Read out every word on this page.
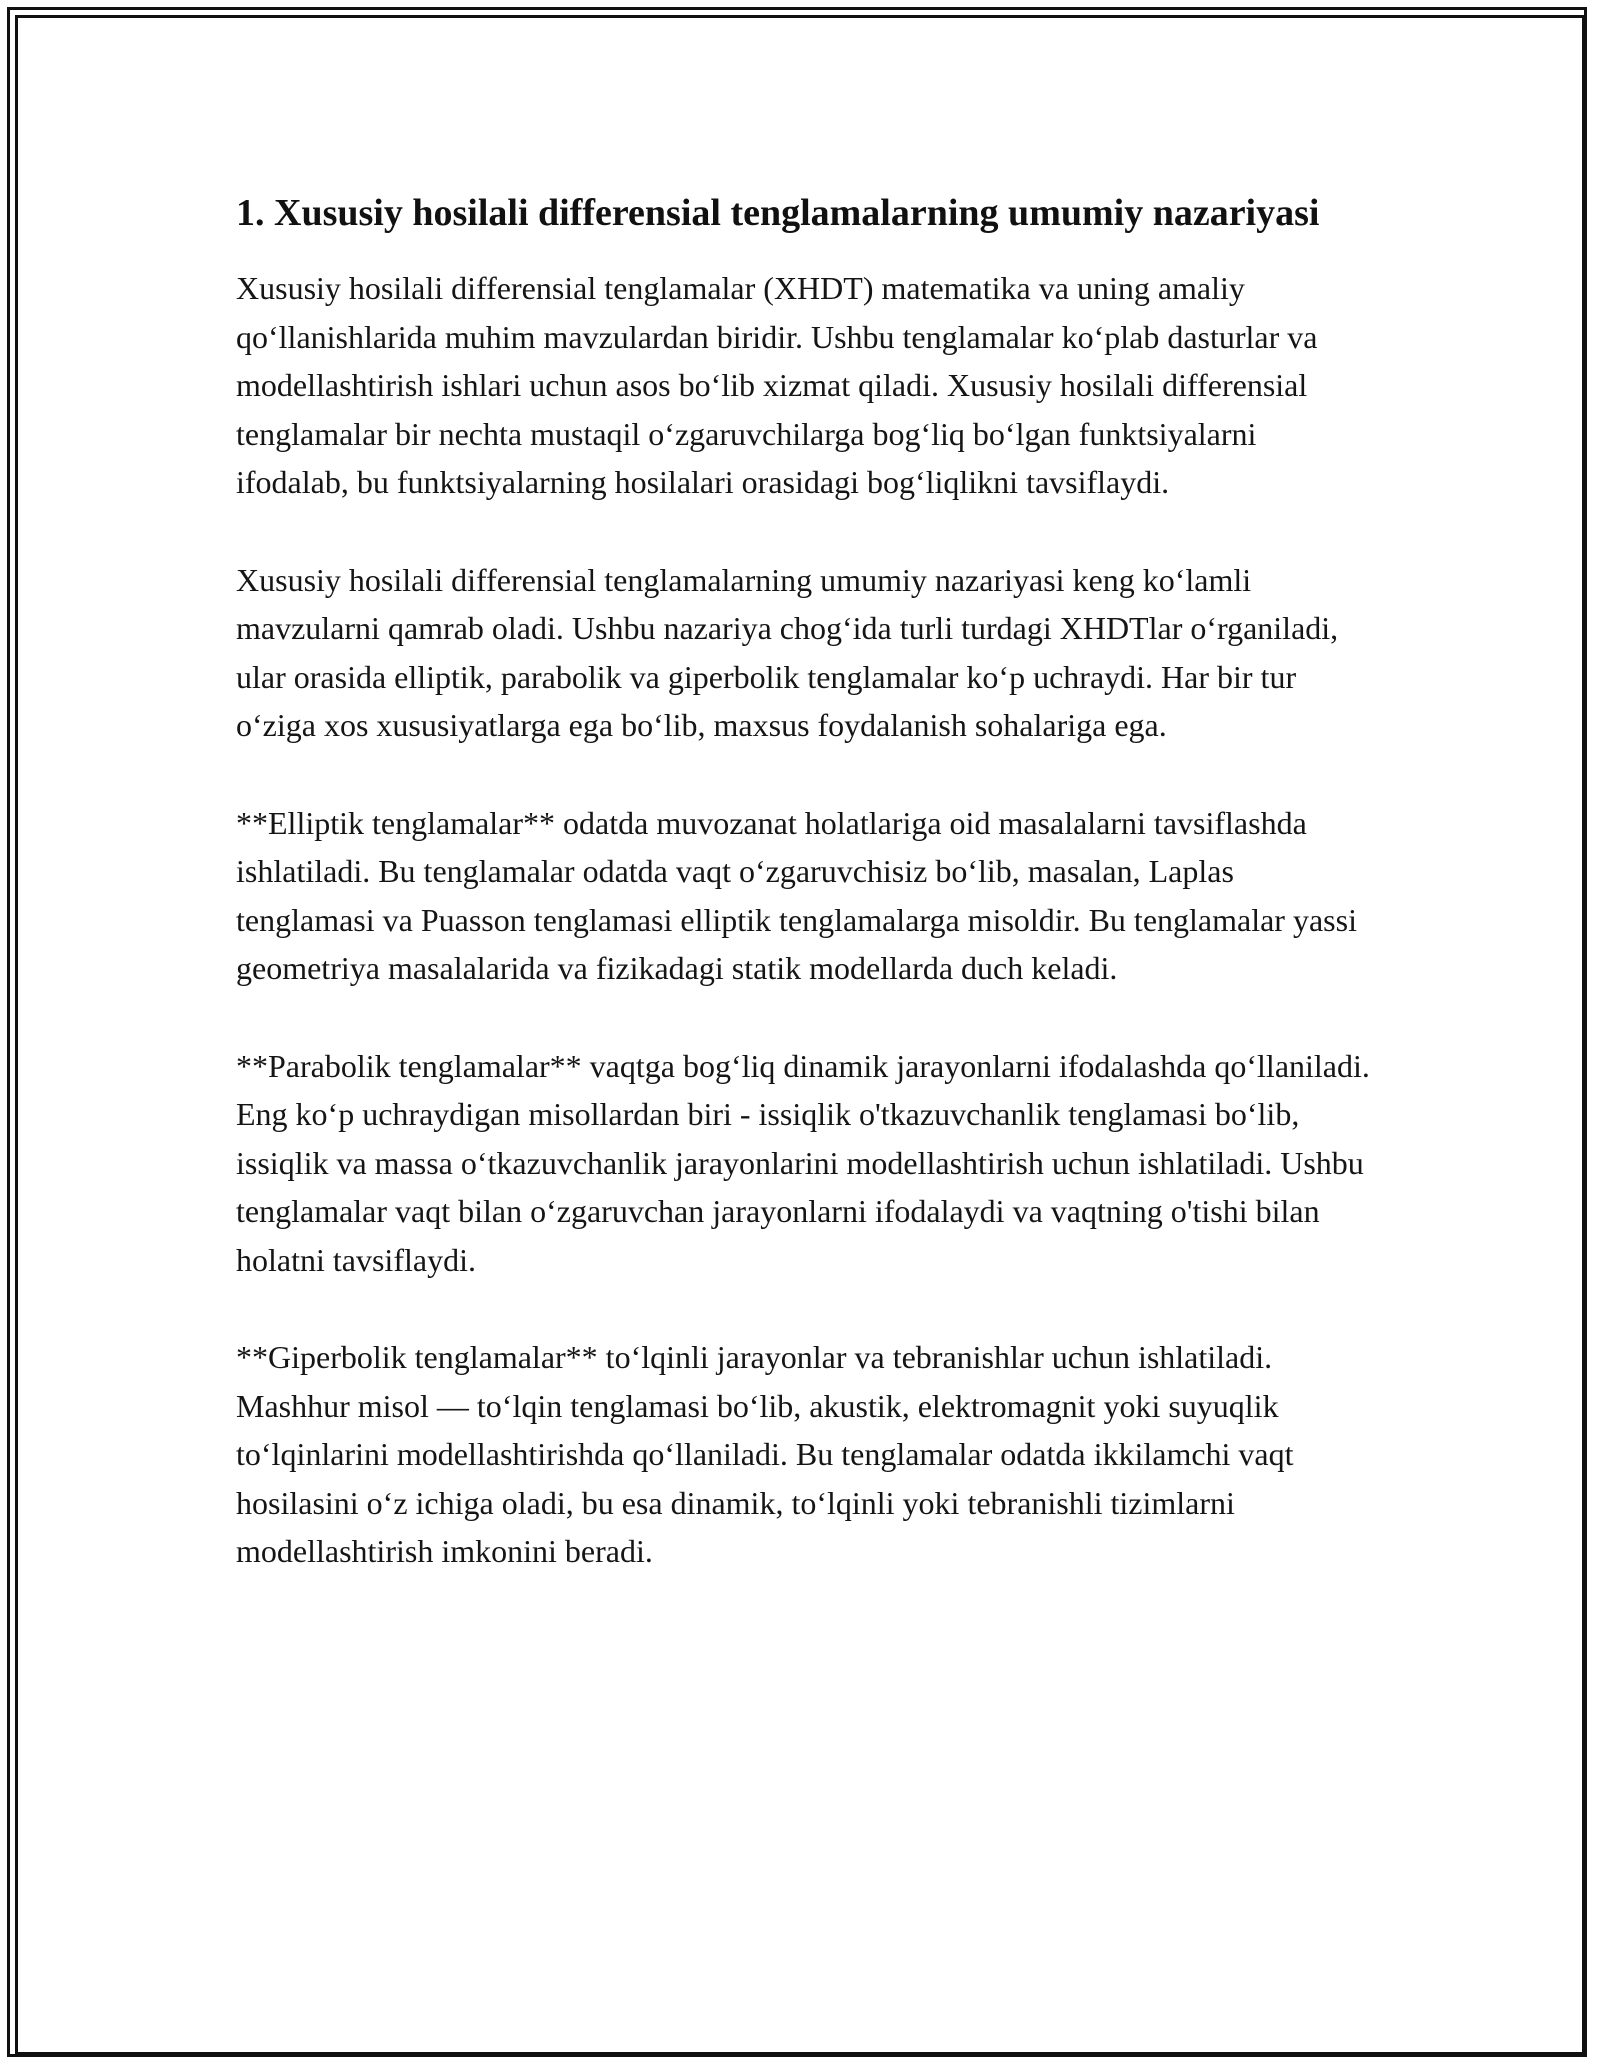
1. Xususiy hosilali differensial tenglamalarning umumiy nazariyasi

Xususiy hosilali differensial tenglamalar (XHDT) matematika va uning amaliy qo‘llanishlarida muhim mavzulardan biridir. Ushbu tenglamalar ko‘plab dasturlar va modellashtirish ishlari uchun asos bo‘lib xizmat qiladi. Xususiy hosilali differensial tenglamalar bir nechta mustaqil o‘zgaruvchilarga bog‘liq bo‘lgan funktsiyalarni ifodalab, bu funktsiyalarning hosilalari orasidagi bog‘liqlikni tavsiflaydi.

Xususiy hosilali differensial tenglamalarning umumiy nazariyasi keng ko‘lamli mavzularni qamrab oladi. Ushbu nazariya chog‘ida turli turdagi XHDTlar o‘rganiladi, ular orasida elliptik, parabolik va giperbolik tenglamalar ko‘p uchraydi. Har bir tur o‘ziga xos xususiyatlarga ega bo‘lib, maxsus foydalanish sohalariga ega.

**Elliptik tenglamalar** odatda muvozanat holatlariga oid masalalarni tavsiflashda ishlatiladi. Bu tenglamalar odatda vaqt o‘zgaruvchisiz bo‘lib, masalan, Laplas tenglamasi va Puasson tenglamasi elliptik tenglamalarga misoldir. Bu tenglamalar yassi geometriya masalalarida va fizikadagi statik modellarda duch keladi.

**Parabolik tenglamalar** vaqtga bog‘liq dinamik jarayonlarni ifodalashda qo‘llaniladi. Eng ko‘p uchraydigan misollardan biri - issiqlik o'tkazuvchanlik tenglamasi bo‘lib, issiqlik va massa o‘tkazuvchanlik jarayonlarini modellashtirish uchun ishlatiladi. Ushbu tenglamalar vaqt bilan o‘zgaruvchan jarayonlarni ifodalaydi va vaqtning o'tishi bilan holatni tavsiflaydi.

**Giperbolik tenglamalar** to‘lqinli jarayonlar va tebranishlar uchun ishlatiladi. Mashhur misol — to‘lqin tenglamasi bo‘lib, akustik, elektromagnit yoki suyuqlik to‘lqinlarini modellashtirishda qo‘llaniladi. Bu tenglamalar odatda ikkilamchi vaqt hosilasini o‘z ichiga oladi, bu esa dinamik, to‘lqinli yoki tebranishli tizimlarni modellashtirish imkonini beradi.
